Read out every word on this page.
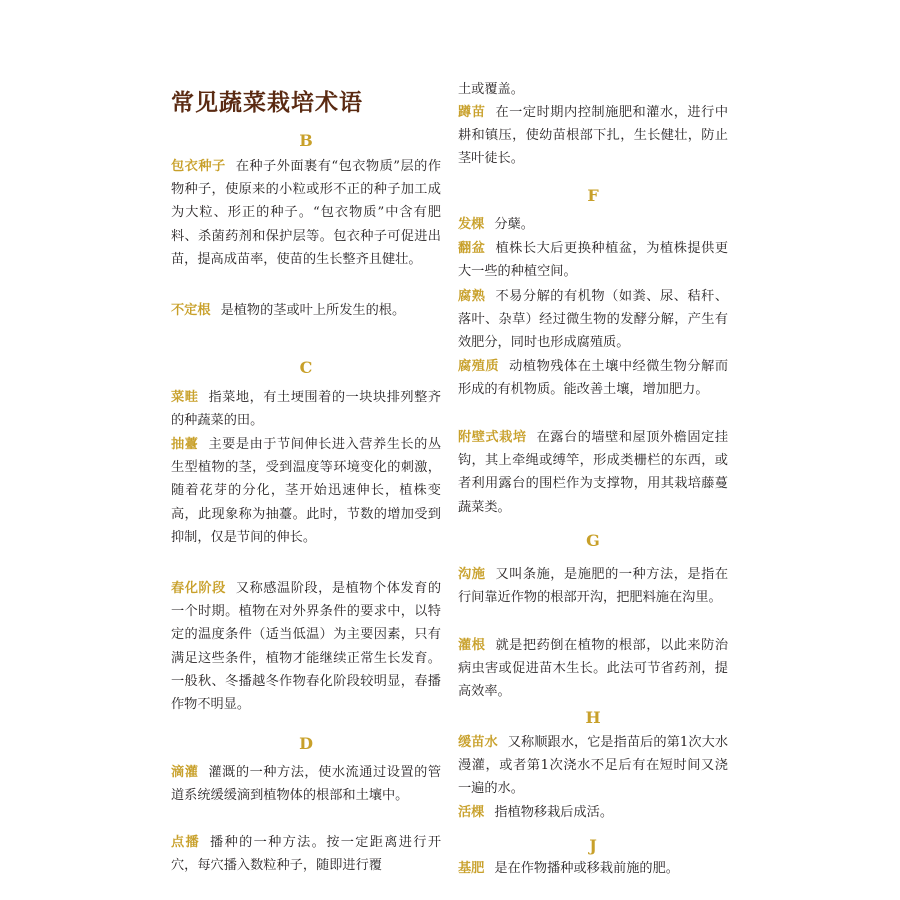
常见蔬菜栽培术语
B
包衣种子 在种子外面裹有“包衣物质”层的作物种子，使原来的小粒或形不正的种子加工成为大粒、形正的种子。“包衣物质”中含有肥料、杀菌药剂和保护层等。包衣种子可促进出苗，提高成苗率，使苗的生长整齐且健壮。
不定根 是植物的茎或叶上所发生的根。
C
菜畦 指菜地，有土埂围着的一块块排列整齐的种蔬菜的田。
抽薹 主要是由于节间伸长进入营养生长的丛生型植物的茎，受到温度等环境变化的刺激，随着花芽的分化，茎开始迅速伸长，植株变高，此现象称为抽薹。此时，节数的增加受到抑制，仅是节间的伸长。
春化阶段 又称感温阶段，是植物个体发育的一个时期。植物在对外界条件的要求中，以特定的温度条件（适当低温）为主要因素，只有满足这些条件，植物才能继续正常生长发育。一般秋、冬播越冬作物春化阶段较明显，春播作物不明显。
D
滴灌 灌溉的一种方法，使水流通过设置的管道系统缓缓滴到植物体的根部和土壤中。
点播 播种的一种方法。按一定距离进行开穴，每穴播入数粒种子，随即进行覆
土或覆盖。
蹲苗 在一定时期内控制施肥和灌水，进行中耕和镇压，使幼苗根部下扎，生长健壮，防止茎叶徒长。
F
发棵 分蘖。
翻盆 植株长大后更换种植盆，为植株提供更大一些的种植空间。
腐熟 不易分解的有机物（如粪、尿、秸秆、落叶、杂草）经过微生物的发酵分解，产生有效肥分，同时也形成腐殖质。
腐殖质 动植物残体在土壤中经微生物分解而形成的有机物质。能改善土壤，增加肥力。
附壁式栽培 在露台的墙壁和屋顶外檐固定挂钩，其上牵绳或缚竿，形成类栅栏的东西，或者利用露台的围栏作为支撑物，用其栽培藤蔓蔬菜类。
G
沟施 又叫条施，是施肥的一种方法，是指在行间靠近作物的根部开沟，把肥料施在沟里。
灌根 就是把药倒在植物的根部，以此来防治病虫害或促进苗木生长。此法可节省药剂，提高效率。
H
缓苗水 又称顺跟水，它是指苗后的第1次大水漫灌，或者第1次浇水不足后有在短时间又浇一遍的水。
活棵 指植物移栽后成活。
J
基肥 是在作物播种或移栽前施的肥。
